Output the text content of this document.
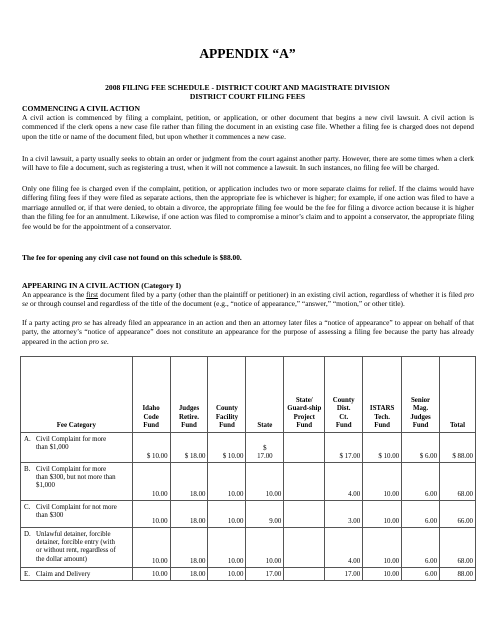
APPENDIX “A”
2008 FILING FEE SCHEDULE - DISTRICT COURT AND MAGISTRATE DIVISION
DISTRICT COURT FILING FEES
COMMENCING A CIVIL ACTION

A civil action is commenced by filing a complaint, petition, or application, or other document that begins a new civil lawsuit. A civil action is commenced if the clerk opens a new case file rather than filing the document in an existing case file. Whether a filing fee is charged does not depend upon the title or name of the document filed, but upon whether it commences a new case.

In a civil lawsuit, a party usually seeks to obtain an order or judgment from the court against another party. However, there are some times when a clerk will have to file a document, such as registering a trust, when it will not commence a lawsuit. In such instances, no filing fee will be charged.

Only one filing fee is charged even if the complaint, petition, or application includes two or more separate claims for relief. If the claims would have differing filing fees if they were filed as separate actions, then the appropriate fee is whichever is higher; for example, if one action was filed to have a marriage annulled or, if that were denied, to obtain a divorce, the appropriate filing fee would be the fee for filing a divorce action because it is higher than the filing fee for an annulment. Likewise, if one action was filed to compromise a minor’s claim and to appoint a conservator, the appropriate filing fee would be for the appointment of a conservator.

The fee for opening any civil case not found on this schedule is $88.00.

APPEARING IN A CIVIL ACTION (Category I)

An appearance is the first document filed by a party (other than the plaintiff or petitioner) in an existing civil action, regardless of whether it is filed pro se or through counsel and regardless of the title of the document (e.g., “notice of appearance,” “answer,” “motion,” or other title).

If a party acting pro se has already filed an appearance in an action and then an attorney later files a “notice of appearance” to appear on behalf of that party, the attorney’s “notice of appearance” does not constitute an appearance for the purpose of assessing a filing fee because the party has already appeared in the action pro se.

Fee Category	Idaho
Code
Fund	Judges
Retire.
Fund	County
Facility
Fund	State	State/
Guard-ship
Project
Fund	County
Dist.
Ct.
Fund	ISTARS
Tech.
Fund	Senior
Mag.
Judges
Fund	Total

A. Civil Complaint for more
than $1,000	$ 10.00	$ 18.00	$ 10.00	$
17.00		$ 17.00	$ 10.00	$ 6.00	$ 88.00

B. Civil Complaint for more
than $300, but not more than
$1,000	10.00	18.00	10.00	10.00		4.00	10.00	6.00	68.00

C. Civil Complaint for not more
than $300	10.00	18.00	10.00	9.00		3.00	10.00	6.00	66.00

D. Unlawful detainer, forcible
detainer, forcible entry (with
or without rent, regardless of
the dollar amount)	10.00	18.00	10.00	10.00		4.00	10.00	6.00	68.00

E. Claim and Delivery	10.00	18.00	10.00	17.00		17.00	10.00	6.00	88.00
